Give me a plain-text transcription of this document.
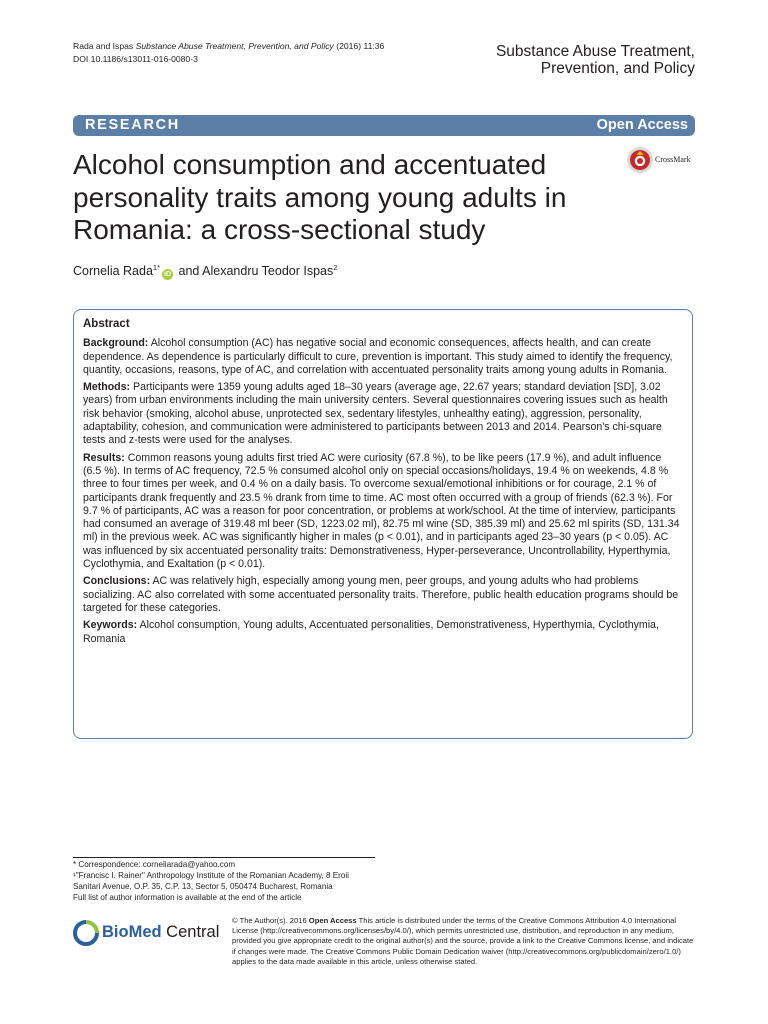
Rada and Ispas Substance Abuse Treatment, Prevention, and Policy (2016) 11:36
DOI 10.1186/s13011-016-0080-3	Substance Abuse Treatment,
Prevention, and Policy
RESEARCH	Open Access
Alcohol consumption and accentuated personality traits among young adults in Romania: a cross-sectional study
CrossMark
Cornelia Rada$^{1*}$iD and Alexandru Teodor Ispas$^2$
Abstract

Background: Alcohol consumption (AC) has negative social and economic consequences, affects health, and can create dependence. As dependence is particularly difficult to cure, prevention is important. This study aimed to identify the frequency, quantity, occasions, reasons, type of AC, and correlation with accentuated personality traits among young adults in Romania.

Methods: Participants were 1359 young adults aged 18–30 years (average age, 22.67 years; standard deviation [SD], 3.02 years) from urban environments including the main university centers. Several questionnaires covering issues such as health risk behavior (smoking, alcohol abuse, unprotected sex, sedentary lifestyles, unhealthy eating), aggression, personality, adaptability, cohesion, and communication were administered to participants between 2013 and 2014. Pearson's chi-square tests and z-tests were used for the analyses.

Results: Common reasons young adults first tried AC were curiosity (67.8 %), to be like peers (17.9 %), and adult influence (6.5 %). In terms of AC frequency, 72.5 % consumed alcohol only on special occasions/holidays, 19.4 % on weekends, 4.8 % three to four times per week, and 0.4 % on a daily basis. To overcome sexual/emotional inhibitions or for courage, 2.1 % of participants drank frequently and 23.5 % drank from time to time. AC most often occurred with a group of friends (62.3 %). For 9.7 % of participants, AC was a reason for poor concentration, or problems at work/school. At the time of interview, participants had consumed an average of 319.48 ml beer (SD, 1223.02 ml), 82.75 ml wine (SD, 385.39 ml) and 25.62 ml spirits (SD, 131.34 ml) in the previous week. AC was significantly higher in males (p < 0.01), and in participants aged 23–30 years (p < 0.05). AC was influenced by six accentuated personality traits: Demonstrativeness, Hyper-perseverance, Uncontrollability, Hyperthymia, Cyclothymia, and Exaltation (p < 0.01).

Conclusions: AC was relatively high, especially among young men, peer groups, and young adults who had problems socializing. AC also correlated with some accentuated personality traits. Therefore, public health education programs should be targeted for these categories.

Keywords: Alcohol consumption, Young adults, Accentuated personalities, Demonstrativeness, Hyperthymia, Cyclothymia, Romania

* Correspondence: corneliarada@yahoo.com
¹"Francisc I. Rainer" Anthropology Institute of the Romanian Academy, 8 Eroii
Sanitari Avenue, O.P. 35, C.P. 13, Sector 5, 050474 Bucharest, Romania
Full list of author information is available at the end of the article
BioMed Central
© The Author(s). 2016 Open Access This article is distributed under the terms of the Creative Commons Attribution 4.0 International License (http://creativecommons.org/licenses/by/4.0/), which permits unrestricted use, distribution, and reproduction in any medium, provided you give appropriate credit to the original author(s) and the source, provide a link to the Creative Commons license, and indicate if changes were made. The Creative Commons Public Domain Dedication waiver (http://creativecommons.org/publicdomain/zero/1.0/) applies to the data made available in this article, unless otherwise stated.
